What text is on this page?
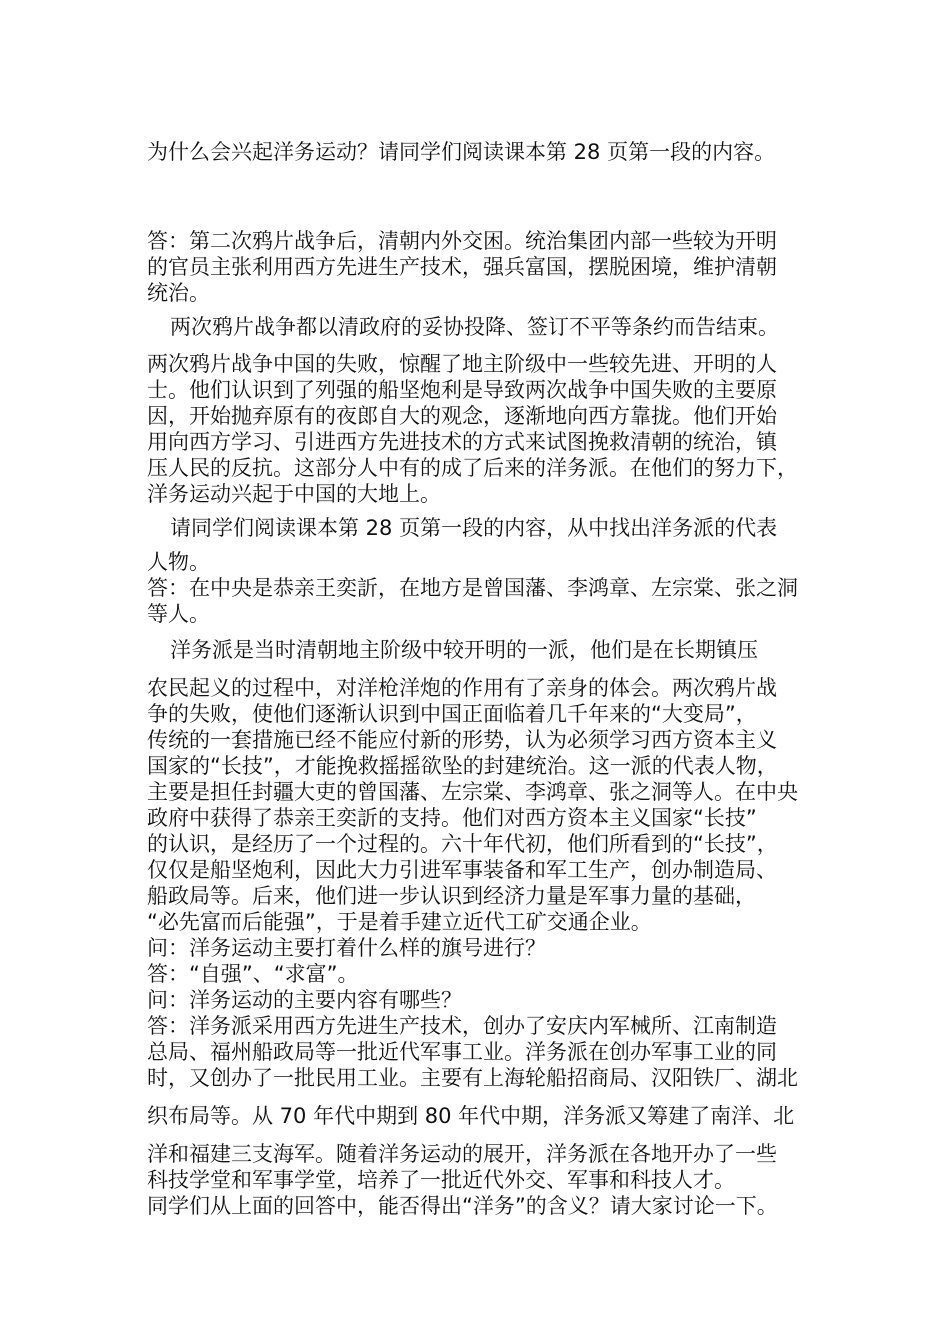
为什么会兴起洋务运动？请同学们阅读课本第 28 页第一段的内容。
答：第二次鸦片战争后，清朝内外交困。统治集团内部一些较为开明
的官员主张利用西方先进生产技术，强兵富国，摆脱困境，维护清朝
统治。
两次鸦片战争都以清政府的妥协投降、签订不平等条约而告结束。
两次鸦片战争中国的失败，惊醒了地主阶级中一些较先进、开明的人
士。他们认识到了列强的船坚炮利是导致两次战争中国失败的主要原
因，开始抛弃原有的夜郎自大的观念，逐渐地向西方靠拢。他们开始
用向西方学习、引进西方先进技术的方式来试图挽救清朝的统治，镇
压人民的反抗。这部分人中有的成了后来的洋务派。在他们的努力下，
洋务运动兴起于中国的大地上。
请同学们阅读课本第 28 页第一段的内容，从中找出洋务派的代表
人物。
答：在中央是恭亲王奕訢，在地方是曾国藩、李鸿章、左宗棠、张之洞
等人。
洋务派是当时清朝地主阶级中较开明的一派，他们是在长期镇压
农民起义的过程中，对洋枪洋炮的作用有了亲身的体会。两次鸦片战
争的失败，使他们逐渐认识到中国正面临着几千年来的“大变局”，
传统的一套措施已经不能应付新的形势，认为必须学习西方资本主义
国家的“长技”，才能挽救摇摇欲坠的封建统治。这一派的代表人物，
主要是担任封疆大吏的曾国藩、左宗棠、李鸿章、张之洞等人。在中央
政府中获得了恭亲王奕訢的支持。他们对西方资本主义国家“长技”
的认识，是经历了一个过程的。六十年代初，他们所看到的“长技”，
仅仅是船坚炮利，因此大力引进军事装备和军工生产，创办制造局、
船政局等。后来，他们进一步认识到经济力量是军事力量的基础，
“必先富而后能强”，于是着手建立近代工矿交通企业。
问：洋务运动主要打着什么样的旗号进行？
答：“自强”、“求富”。
问：洋务运动的主要内容有哪些？
答：洋务派采用西方先进生产技术，创办了安庆内军械所、江南制造
总局、福州船政局等一批近代军事工业。洋务派在创办军事工业的同
时，又创办了一批民用工业。主要有上海轮船招商局、汉阳铁厂、湖北
织布局等。从 70 年代中期到 80 年代中期，洋务派又筹建了南洋、北
洋和福建三支海军。随着洋务运动的展开，洋务派在各地开办了一些
科技学堂和军事学堂，培养了一批近代外交、军事和科技人才。
同学们从上面的回答中，能否得出“洋务”的含义？请大家讨论一下。
